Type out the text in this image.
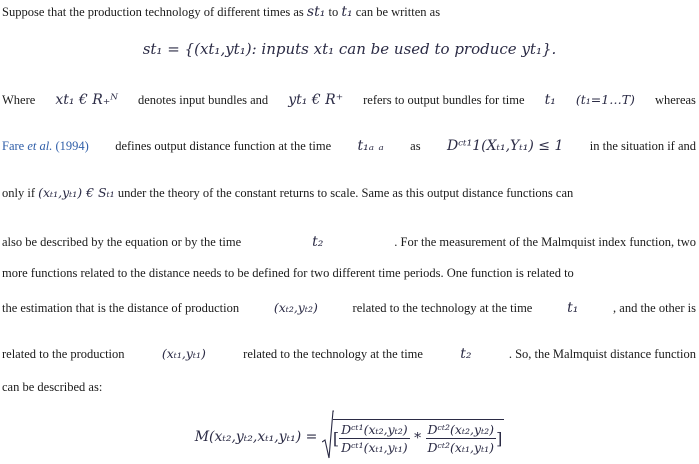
Suppose that the production technology of different times as st₁ to t₁ can be written as
st₁ = {(xt₁,yt₁): inputs xt₁ can be used to produce yt₁}.
Where xt₁ € R₊ᴺ denotes input bundles and yt₁ € R⁺ refers to output bundles for time t₁ (t₁=1…T) whereas
Fare et al. (1994) defines output distance function at the time t₁ₐ ₐ as Dᶜᵗ¹1(Xₜ₁,Yₜ₁) ≤ 1 in the situation if and
only if (xₜ₁,yₜ₁) € Sₜ₁ under the theory of the constant returns to scale. Same as this output distance functions can
also be described by the equation or by the time	t₂	. For the measurement of the Malmquist index function, two
more functions related to the distance needs to be defined for two different time periods. One function is related to
the estimation that is the distance of production	(xₜ₂,yₜ₂)	related to the technology at the time t₁	, and the other is
related to the production	(xₜ₁,yₜ₁)	related to the technology at the time	t₂	. So, the Malmquist distance function
can be described as:
M(xₜ₂,yₜ₂,xₜ₁,yₜ₁) = [ $\frac{\text{Dᶜᵗ¹(xₜ₂,yₜ₂)}}{\text{Dᶜᵗ¹(xₜ₁,yₜ₁)}} * \frac{\text{Dᶜᵗ²(xₜ₂,yₜ₂)}}{\text{Dᶜᵗ²(xₜ₁,yₜ₁)}}$ ]
